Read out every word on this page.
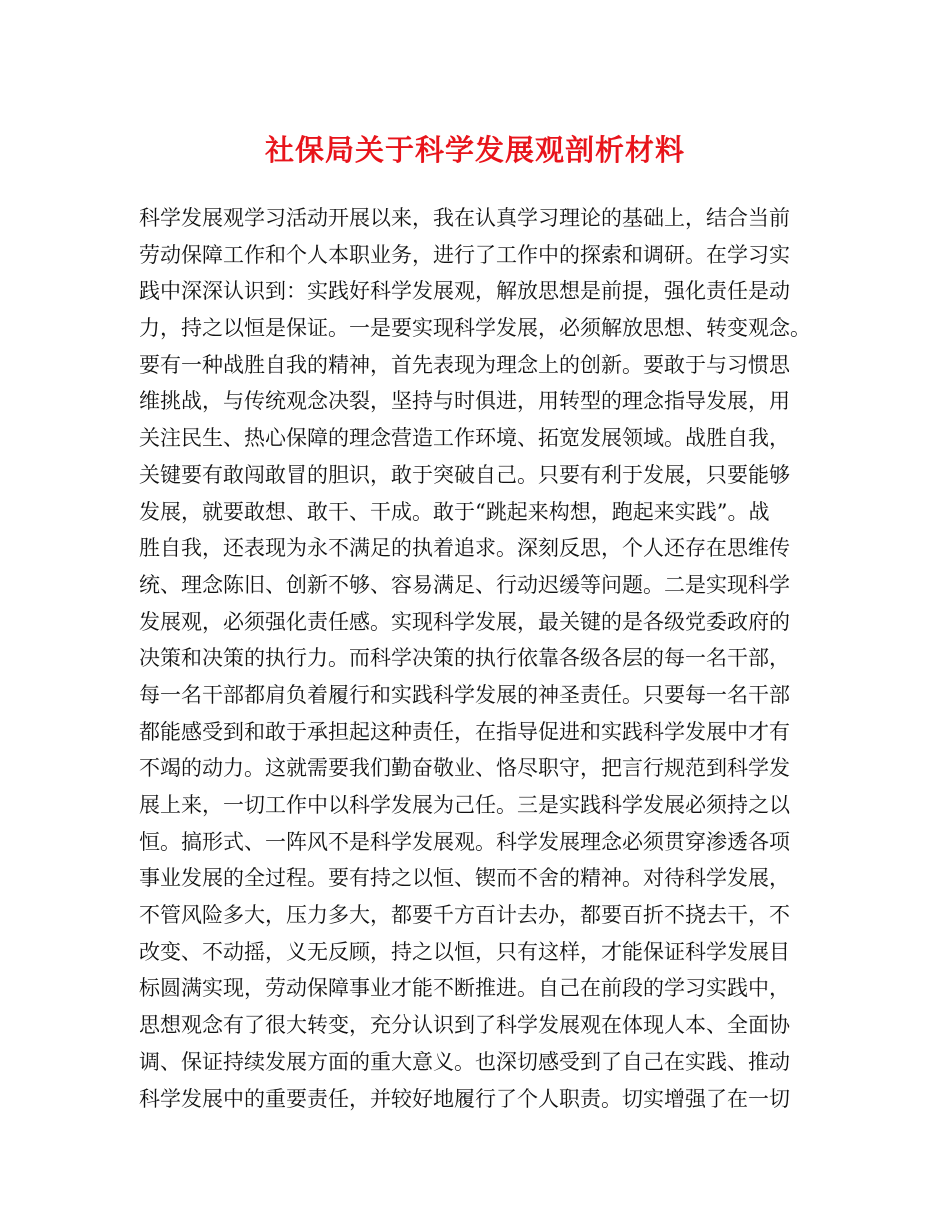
社保局关于科学发展观剖析材料
科学发展观学习活动开展以来，我在认真学习理论的基础上，结合当前
劳动保障工作和个人本职业务，进行了工作中的探索和调研。在学习实
践中深深认识到：实践好科学发展观，解放思想是前提，强化责任是动
力，持之以恒是保证。一是要实现科学发展，必须解放思想、转变观念。
要有一种战胜自我的精神，首先表现为理念上的创新。要敢于与习惯思
维挑战，与传统观念决裂，坚持与时俱进，用转型的理念指导发展，用
关注民生、热心保障的理念营造工作环境、拓宽发展领域。战胜自我，
关键要有敢闯敢冒的胆识，敢于突破自己。只要有利于发展，只要能够
发展，就要敢想、敢干、干成。敢于“跳起来构想，跑起来实践”。战
胜自我，还表现为永不满足的执着追求。深刻反思，个人还存在思维传
统、理念陈旧、创新不够、容易满足、行动迟缓等问题。二是实现科学
发展观，必须强化责任感。实现科学发展，最关键的是各级党委政府的
决策和决策的执行力。而科学决策的执行依靠各级各层的每一名干部，
每一名干部都肩负着履行和实践科学发展的神圣责任。只要每一名干部
都能感受到和敢于承担起这种责任，在指导促进和实践科学发展中才有
不竭的动力。这就需要我们勤奋敬业、恪尽职守，把言行规范到科学发
展上来，一切工作中以科学发展为己任。三是实践科学发展必须持之以
恒。搞形式、一阵风不是科学发展观。科学发展理念必须贯穿渗透各项
事业发展的全过程。要有持之以恒、锲而不舍的精神。对待科学发展，
不管风险多大，压力多大，都要千方百计去办，都要百折不挠去干，不
改变、不动摇，义无反顾，持之以恒，只有这样，才能保证科学发展目
标圆满实现，劳动保障事业才能不断推进。自己在前段的学习实践中，
思想观念有了很大转变，充分认识到了科学发展观在体现人本、全面协
调、保证持续发展方面的重大意义。也深切感受到了自己在实践、推动
科学发展中的重要责任，并较好地履行了个人职责。切实增强了在一切
